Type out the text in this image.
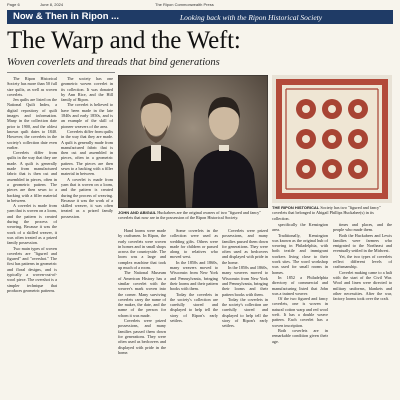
Page 6	June 8, 2024	The Ripon Commonwealth Press
Now & Then in Ripon ...	Looking back with the Ripon Historical Society
The Warp and the Weft:
Woven coverlets and threads that bind generations

The Ripon Historical Society has more than 50 full size quilts, as well as woven coverlets.

Jen quilts are listed on the National Quilt Index, a digital repository of quilt images and information. Many in the collection date prior to 1900, and the oldest known quilt dates to 1840. However, the coverlets in the society's collection date even earlier.

Coverlets differ from quilts in the way that they are made. A quilt is generally made from manufactured fabric that is then cut and assembled in pieces, often in a geometric pattern. The pieces are then sewn to a backing with a filler material in between.

A coverlet is made from yarn that is woven on a loom, and the pattern is created during the process of weaving. Because it was the work of a skilled weaver, it was often treated as a prized family possession.

Two main types of woven coverlets are "figured and figured" and "overshot." The first has patterns in geometric and floral designs, and is typically a woven-out-of-wool piece. The overshot is a simpler technique that produces geometric patterns.

The society has one geometric woven coverlet in its collection. It was donated by Ann Rice, and the Hill family of Ripon.

The coverlet is believed to have been made in the late 1840s and early 1850s, and is an example of the skill of pioneer weavers of the area.

Coverlets differ from quilts in the way that they are made. A quilt is generally made from manufactured fabric that is then cut and assembled in pieces, often in a geometric pattern. The pieces are then sewn to a backing with a filler material in between.

A coverlet is made from yarn that is woven on a loom, and the pattern is created during the process of weaving. Because it was the work of a skilled weaver, it was often treated as a prized family possession.

JOHN AND ABIGAIL Huckabees are the original owners of two "figured and fancy" coverlets that now are in the possession of the Ripon Historical Society.
THE RIPON HISTORICAL Society has two "figured and fancy" coverlets that belonged to Abigail Phillips Huckabee(s) in its collection.

Hand looms were made by craftsmen. In Ripon, the early coverlets were woven in homes and in small shops across the countryside. The loom was a large and complex machine that took up much of a room.

The National Museum of American History has a similar coverlet with the weaver's mark woven into the corner. Many surviving coverlets carry the name of the maker, the date, and the name of the person for whom it was made.

Coverlets were prized possessions, and many families passed them down for generations. They were often used as bedcovers and displayed with pride in the home.

Some coverlets in the collection were used as wedding gifts. Others were made for children or passed along to relatives who moved west.

In the 1850s and 1860s, many weavers moved to Wisconsin from New York and Pennsylvania, bringing their looms and their pattern books with them.

Today the coverlets in the society's collection are carefully stored and displayed to help tell the story of Ripon's early settlers.

Coverlets were prized possessions, and many families passed them down for generations. They were often used as bedcovers and displayed with pride in the home.

In the 1850s and 1860s, many weavers moved to Wisconsin from New York and Pennsylvania, bringing their looms and their pattern books with them.

Today the coverlets in the society's collection are carefully stored and displayed to help tell the story of Ripon's early settlers.

specifically the Kensington area.

Traditionally, Kensington was known as the original hub of weaving in Philadelphia, with both textile and immigrant workers living close to their work sites. The word workshop was used for small rooms in homes.

In 1852 a Philadelphia directory of commercial and manufacturing listed that John was a trained weaver.

Of the two figured and fancy coverlets, one is woven in natural cotton warp and red wool weft. It has a double weave pattern. Each coverlet has a woven inscription.

Both coverlets are in remarkable condition given their age.

times and places, and the people who made them.

Both the Huckabees and Lewis families were farmers who emigrated to the Northeast and eventually settled in the Midwest.

Yet, the two types of coverlets reflect different levels of craftsmanship.

Coverlet making came to a halt with the start of the Civil War. Wool and linen were directed to military uniforms, blankets and other necessities. After the war, factory looms took over the craft.
